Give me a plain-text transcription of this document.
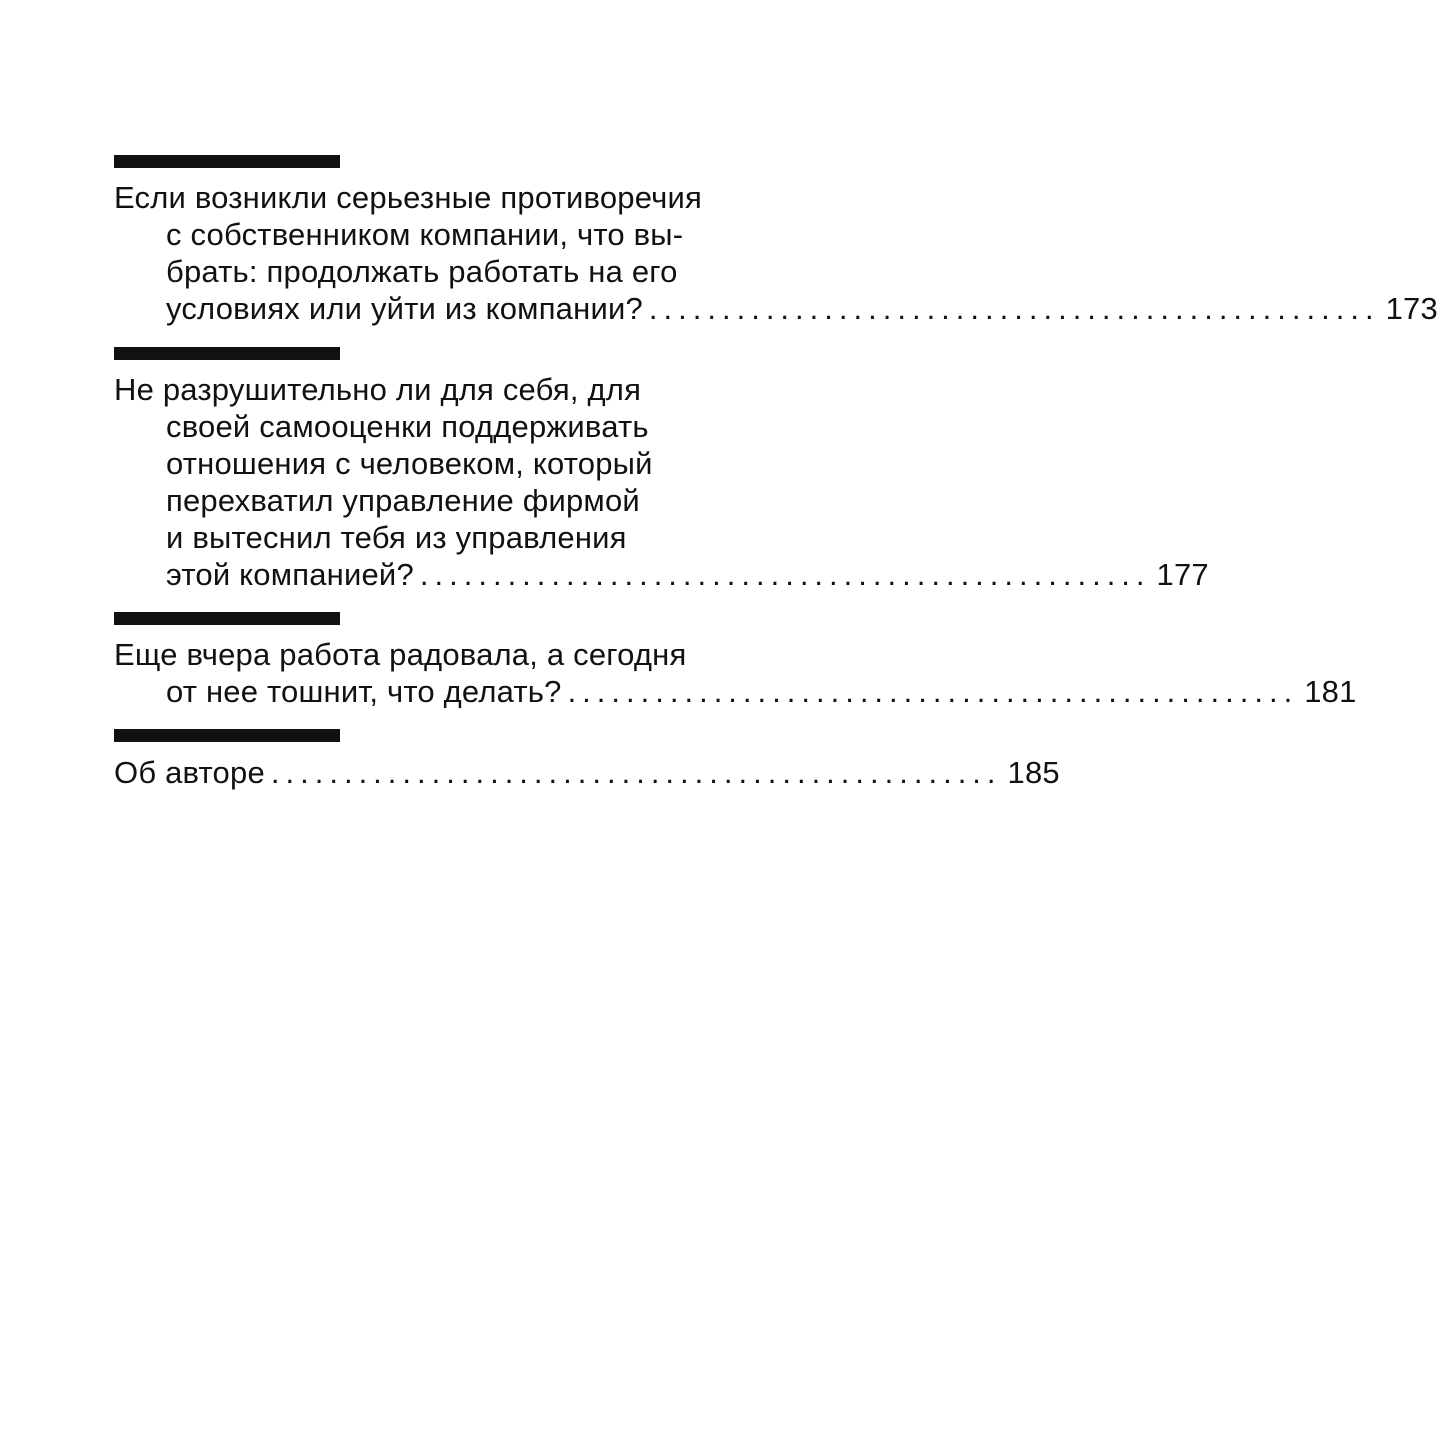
Если возникли серьезные противоречия
с собственником компании, что вы-
брать: продолжать работать на его
условиях или уйти из компании? .................................................. 173
Не разрушительно ли для себя, для
своей самооценки поддерживать
отношения с человеком, который
перехватил управление фирмой
и вытеснил тебя из управления
этой компанией? .................................................. 177
Еще вчера работа радовала, а сегодня
от нее тошнит, что делать? .................................................. 181
Об авторе .................................................. 185
